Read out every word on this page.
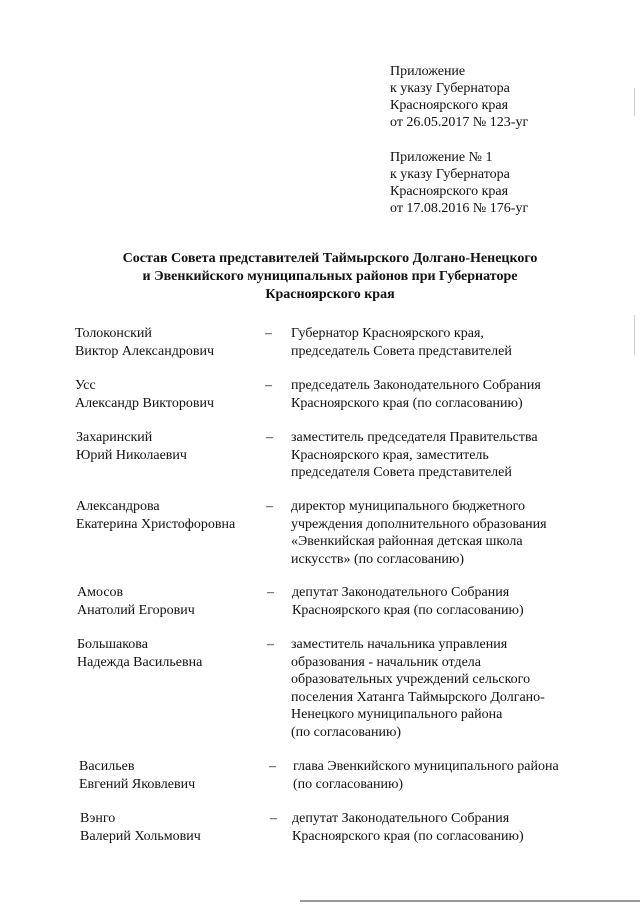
Приложение
к указу Губернатора
Красноярского края
от 26.05.2017 № 123-уг
Приложение № 1
к указу Губернатора
Красноярского края
от 17.08.2016 № 176-уг
Состав Совета представителей Таймырского Долгано-Ненецкого
и Эвенкийского муниципальных районов при Губернаторе
Красноярского края
Толоконский
Виктор Александрович
– Губернатор Красноярского края,
председатель Совета представителей
Усс
Александр Викторович
– председатель Законодательного Собрания
Красноярского края (по согласованию)
Захаринский
Юрий Николаевич
– заместитель председателя Правительства
Красноярского края, заместитель
председателя Совета представителей
Александрова
Екатерина Христофоровна
– директор муниципального бюджетного
учреждения дополнительного образования
«Эвенкийская районная детская школа
искусств» (по согласованию)
Амосов
Анатолий Егорович
– депутат Законодательного Собрания
Красноярского края (по согласованию)
Большакова
Надежда Васильевна
– заместитель начальника управления
образования - начальник отдела
образовательных учреждений сельского
поселения Хатанга Таймырского Долгано-
Ненецкого муниципального района
(по согласованию)
Васильев
Евгений Яковлевич
– глава Эвенкийского муниципального района
(по согласованию)
Вэнго
Валерий Хольмович
– депутат Законодательного Собрания
Красноярского края (по согласованию)
